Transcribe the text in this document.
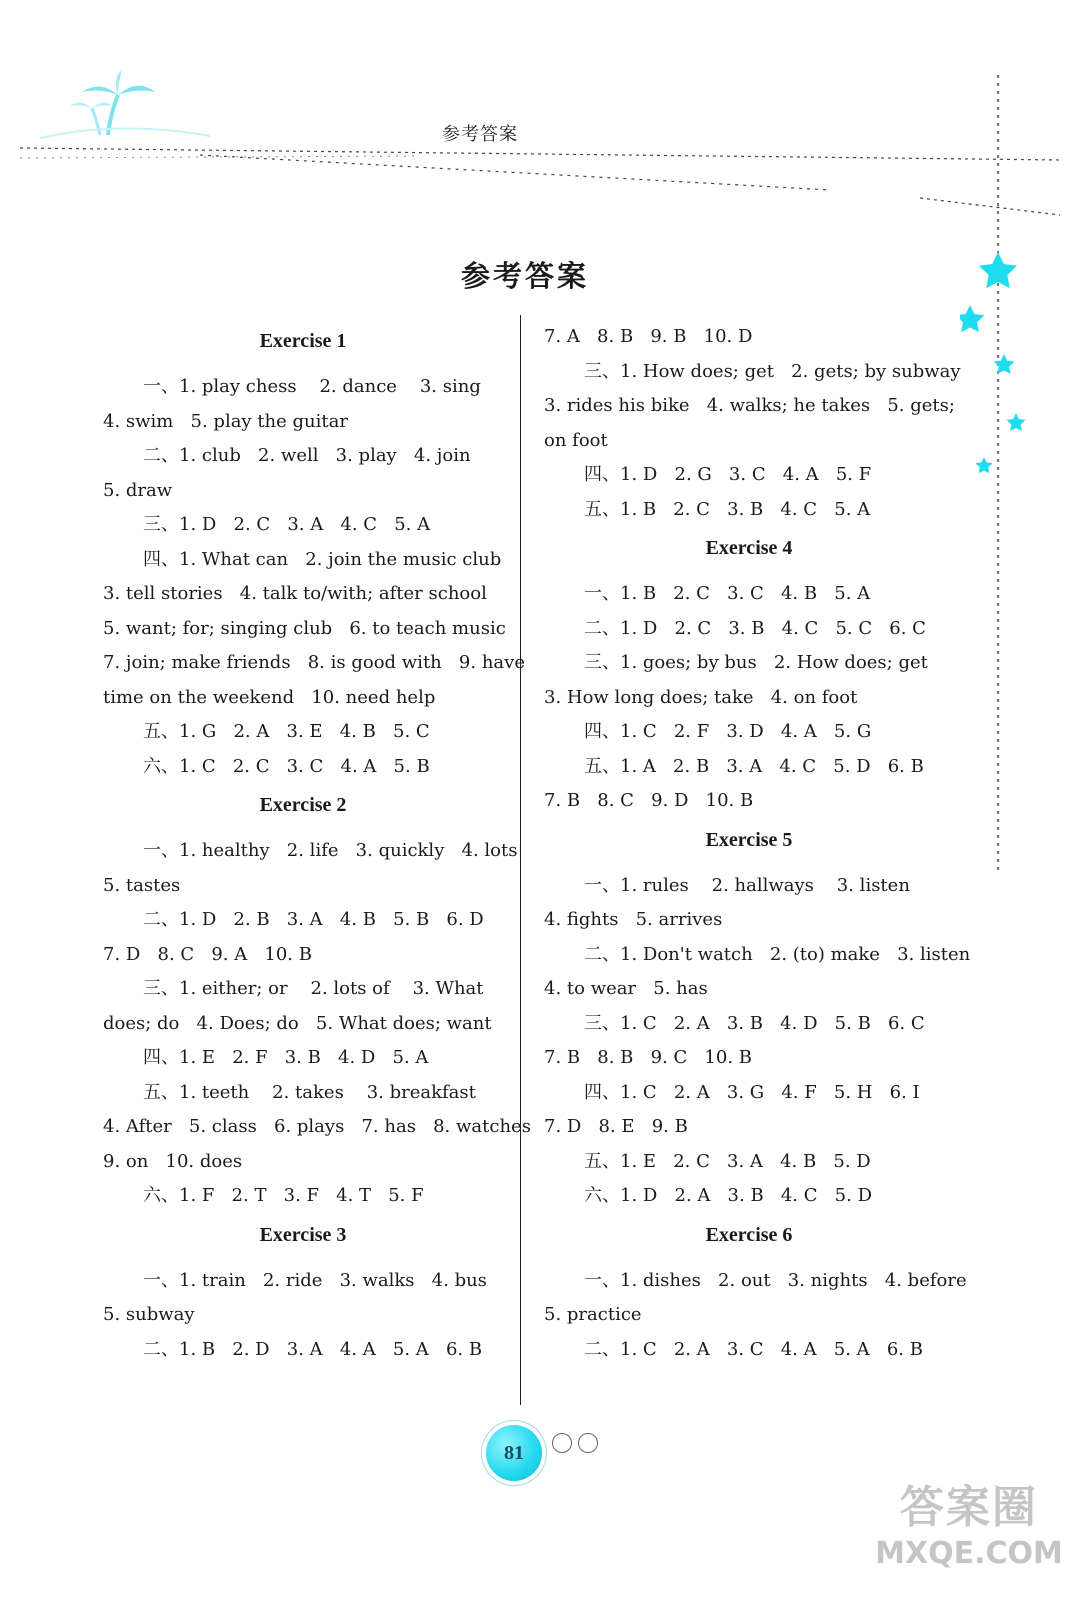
参考答案
参考答案
Exercise 1
一、1. play chess    2. dance    3. sing
4. swim   5. play the guitar
二、1. club   2. well   3. play   4. join
5. draw
三、1. D   2. C   3. A   4. C   5. A
四、1. What can   2. join the music club
3. tell stories   4. talk to/with; after school
5. want; for; singing club   6. to teach music
7. join; make friends   8. is good with   9. have
time on the weekend   10. need help
五、1. G   2. A   3. E   4. B   5. C
六、1. C   2. C   3. C   4. A   5. B
Exercise 2
一、1. healthy   2. life   3. quickly   4. lots
5. tastes
二、1. D   2. B   3. A   4. B   5. B   6. D
7. D   8. C   9. A   10. B
三、1. either; or    2. lots of    3. What
does; do   4. Does; do   5. What does; want
四、1. E   2. F   3. B   4. D   5. A
五、1. teeth    2. takes    3. breakfast
4. After   5. class   6. plays   7. has   8. watches
9. on   10. does
六、1. F   2. T   3. F   4. T   5. F
Exercise 3
一、1. train   2. ride   3. walks   4. bus
5. subway
二、1. B   2. D   3. A   4. A   5. A   6. B
7. A   8. B   9. B   10. D
三、1. How does; get   2. gets; by subway
3. rides his bike   4. walks; he takes   5. gets;
on foot
四、1. D   2. G   3. C   4. A   5. F
五、1. B   2. C   3. B   4. C   5. A
Exercise 4
一、1. B   2. C   3. C   4. B   5. A
二、1. D   2. C   3. B   4. C   5. C   6. C
三、1. goes; by bus   2. How does; get
3. How long does; take   4. on foot
四、1. C   2. F   3. D   4. A   5. G
五、1. A   2. B   3. A   4. C   5. D   6. B
7. B   8. C   9. D   10. B
Exercise 5
一、1. rules    2. hallways    3. listen
4. fights   5. arrives
二、1. Don't watch   2. (to) make   3. listen
4. to wear   5. has
三、1. C   2. A   3. B   4. D   5. B   6. C
7. B   8. B   9. C   10. B
四、1. C   2. A   3. G   4. F   5. H   6. I
7. D   8. E   9. B
五、1. E   2. C   3. A   4. B   5. D
六、1. D   2. A   3. B   4. C   5. D
Exercise 6
一、1. dishes   2. out   3. nights   4. before
5. practice
二、1. C   2. A   3. C   4. A   5. A   6. B
81
答案圈
MXQE.COM
